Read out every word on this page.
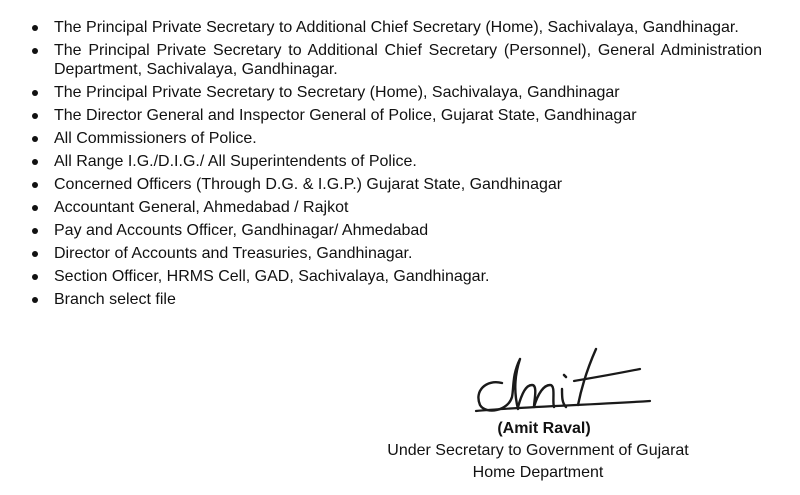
The Principal Private Secretary to Additional Chief Secretary (Home), Sachivalaya, Gandhinagar.
The Principal Private Secretary to Additional Chief Secretary (Personnel), General Administration Department, Sachivalaya, Gandhinagar.
The Principal Private Secretary to Secretary (Home), Sachivalaya, Gandhinagar
The Director General and Inspector General of Police, Gujarat State, Gandhinagar
All Commissioners of Police.
All Range I.G./D.I.G./ All Superintendents of Police.
Concerned Officers (Through D.G. & I.G.P.) Gujarat State, Gandhinagar
Accountant General, Ahmedabad / Rajkot
Pay and Accounts Officer, Gandhinagar/ Ahmedabad
Director of Accounts and Treasuries, Gandhinagar.
Section Officer, HRMS Cell, GAD, Sachivalaya, Gandhinagar.
Branch select file
(Amit Raval)
Under Secretary to Government of Gujarat
Home Department
